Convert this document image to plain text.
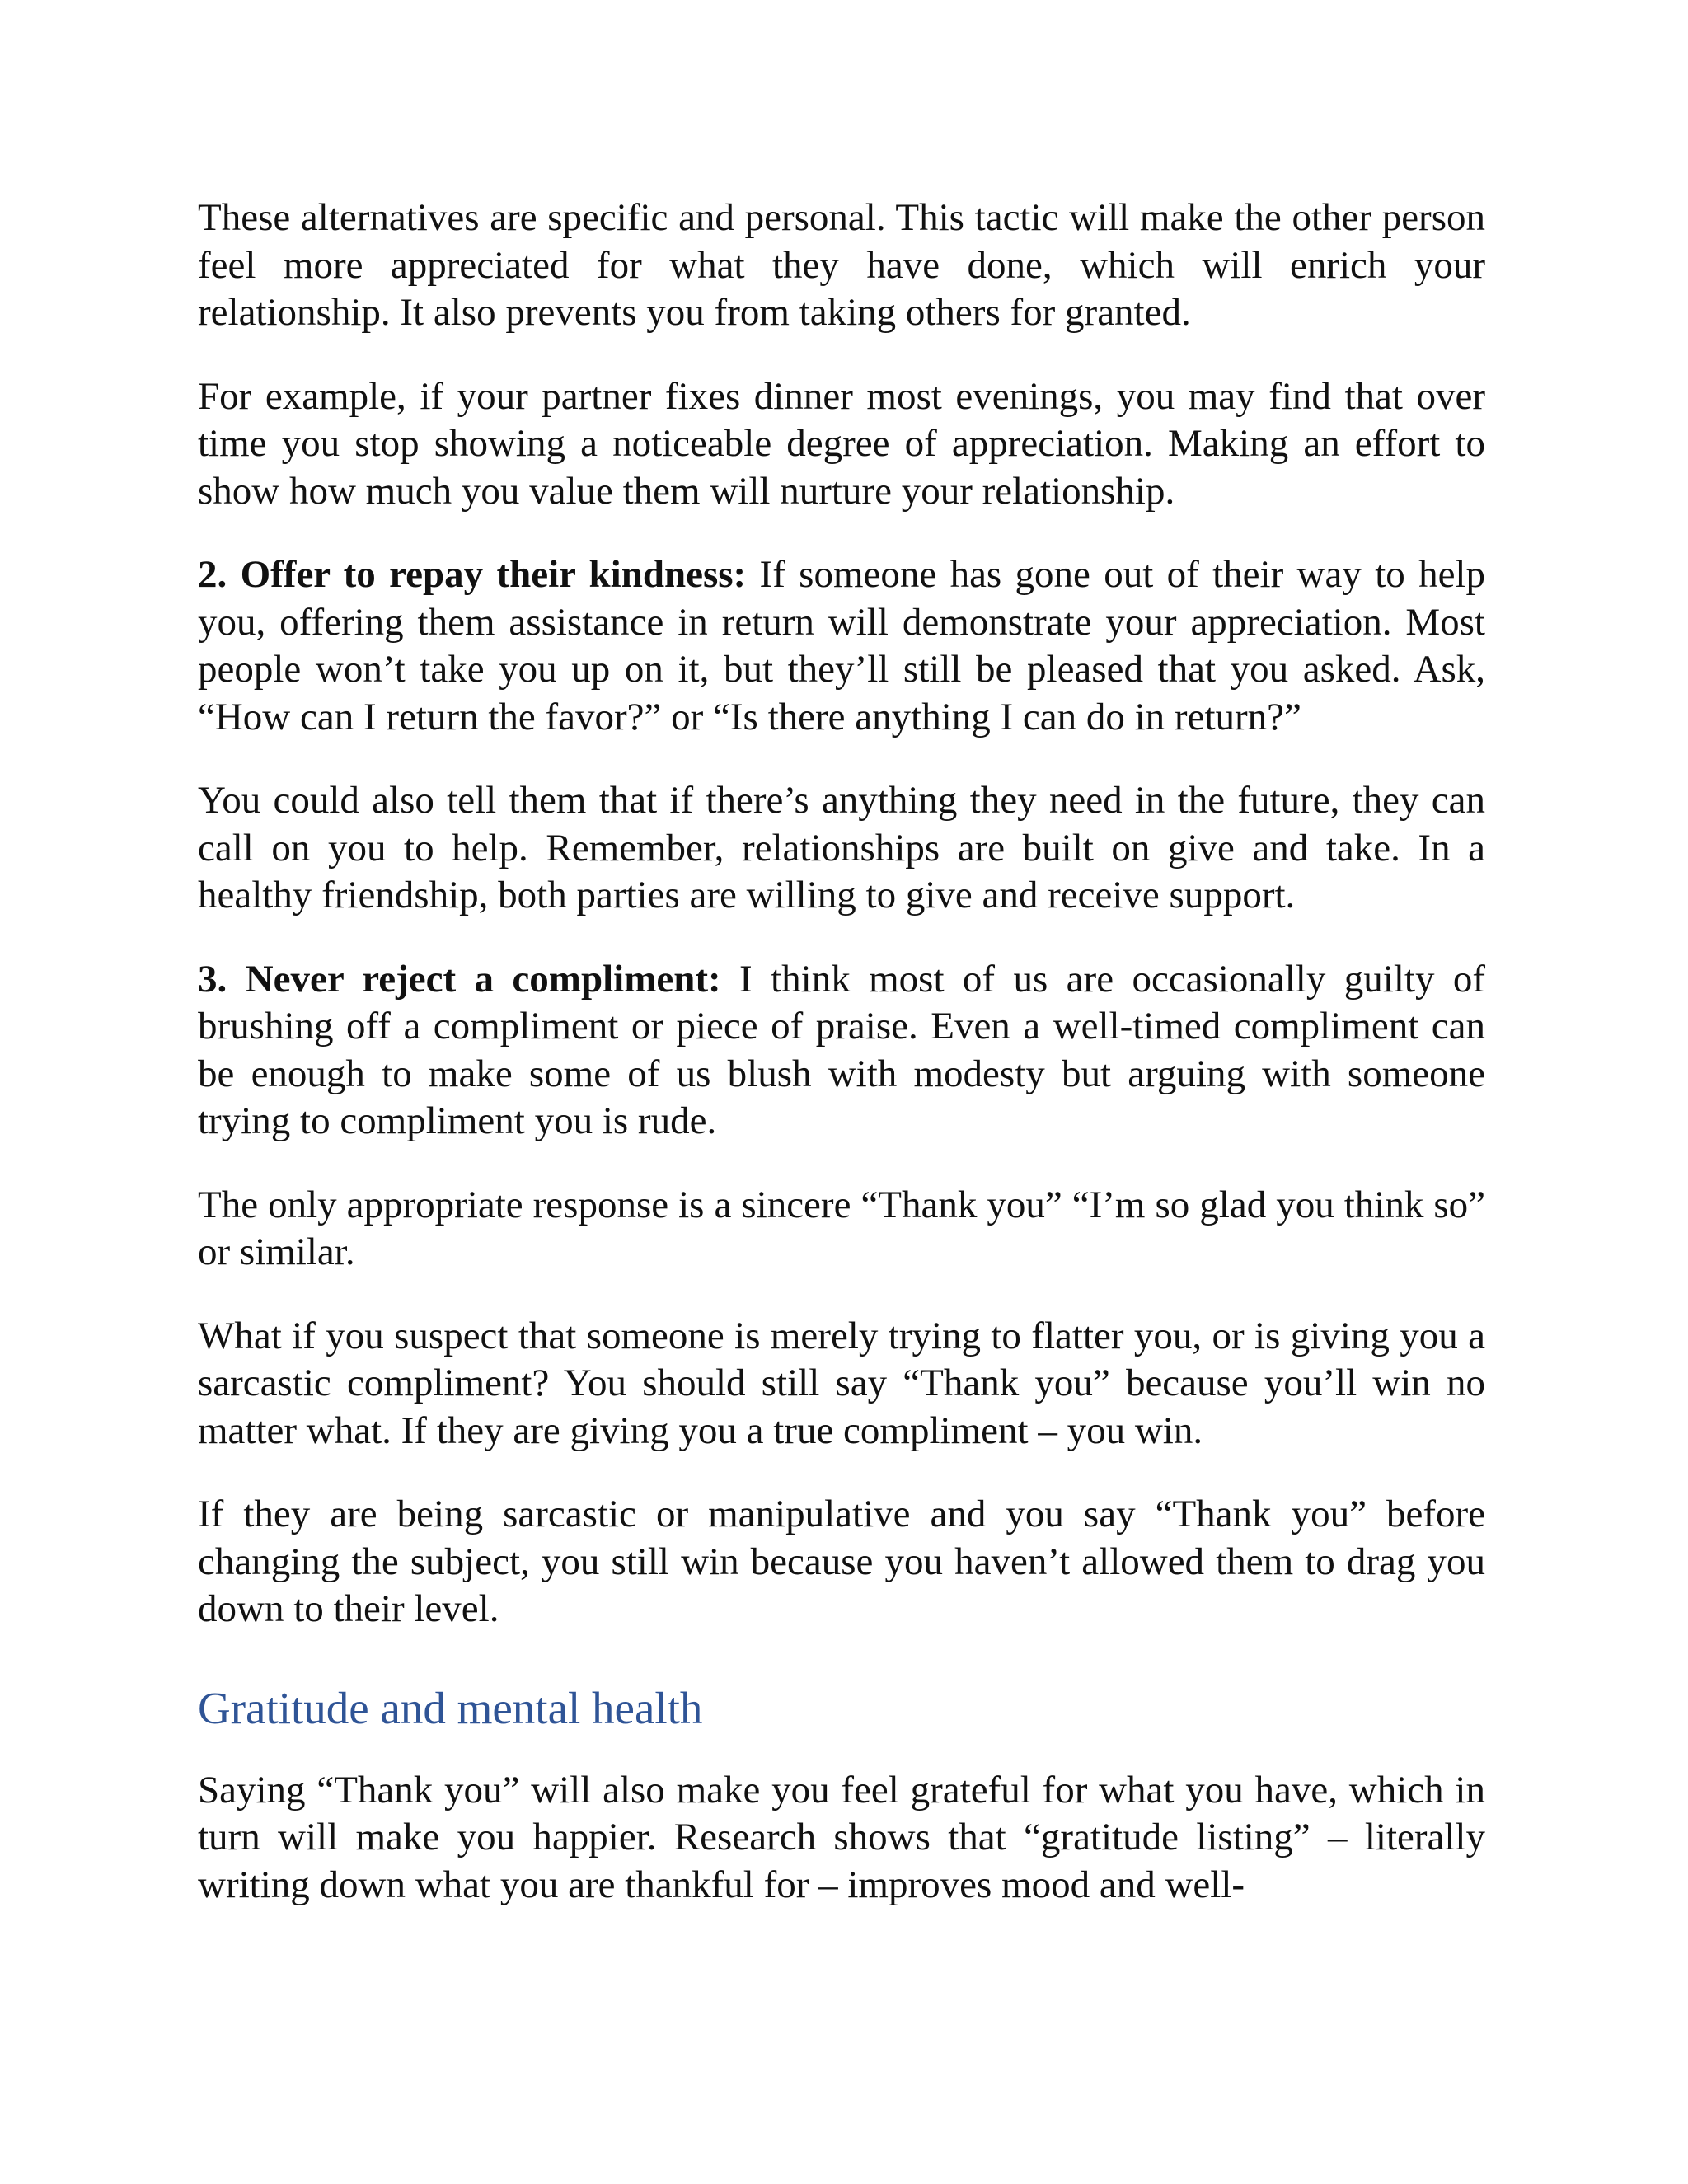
These alternatives are specific and personal. This tactic will make the other person feel more appreciated for what they have done, which will enrich your relationship. It also prevents you from taking others for granted.

For example, if your partner fixes dinner most evenings, you may find that over time you stop showing a noticeable degree of appreciation. Making an effort to show how much you value them will nurture your relationship.

2. Offer to repay their kindness: If someone has gone out of their way to help you, offering them assistance in return will demonstrate your appreciation. Most people won’t take you up on it, but they’ll still be pleased that you asked. Ask, “How can I return the favor?” or “Is there anything I can do in return?”

You could also tell them that if there’s anything they need in the future, they can call on you to help. Remember, relationships are built on give and take. In a healthy friendship, both parties are willing to give and receive support.

3. Never reject a compliment: I think most of us are occasionally guilty of brushing off a compliment or piece of praise. Even a well-timed compliment can be enough to make some of us blush with modesty but arguing with someone trying to compliment you is rude.

The only appropriate response is a sincere “Thank you” “I’m so glad you think so” or similar.

What if you suspect that someone is merely trying to flatter you, or is giving you a sarcastic compliment? You should still say “Thank you” because you’ll win no matter what. If they are giving you a true compliment – you win.

If they are being sarcastic or manipulative and you say “Thank you” before changing the subject, you still win because you haven’t allowed them to drag you down to their level.

Gratitude and mental health

Saying “Thank you” will also make you feel grateful for what you have, which in turn will make you happier. Research shows that “gratitude listing” – literally writing down what you are thankful for – improves mood and well-
